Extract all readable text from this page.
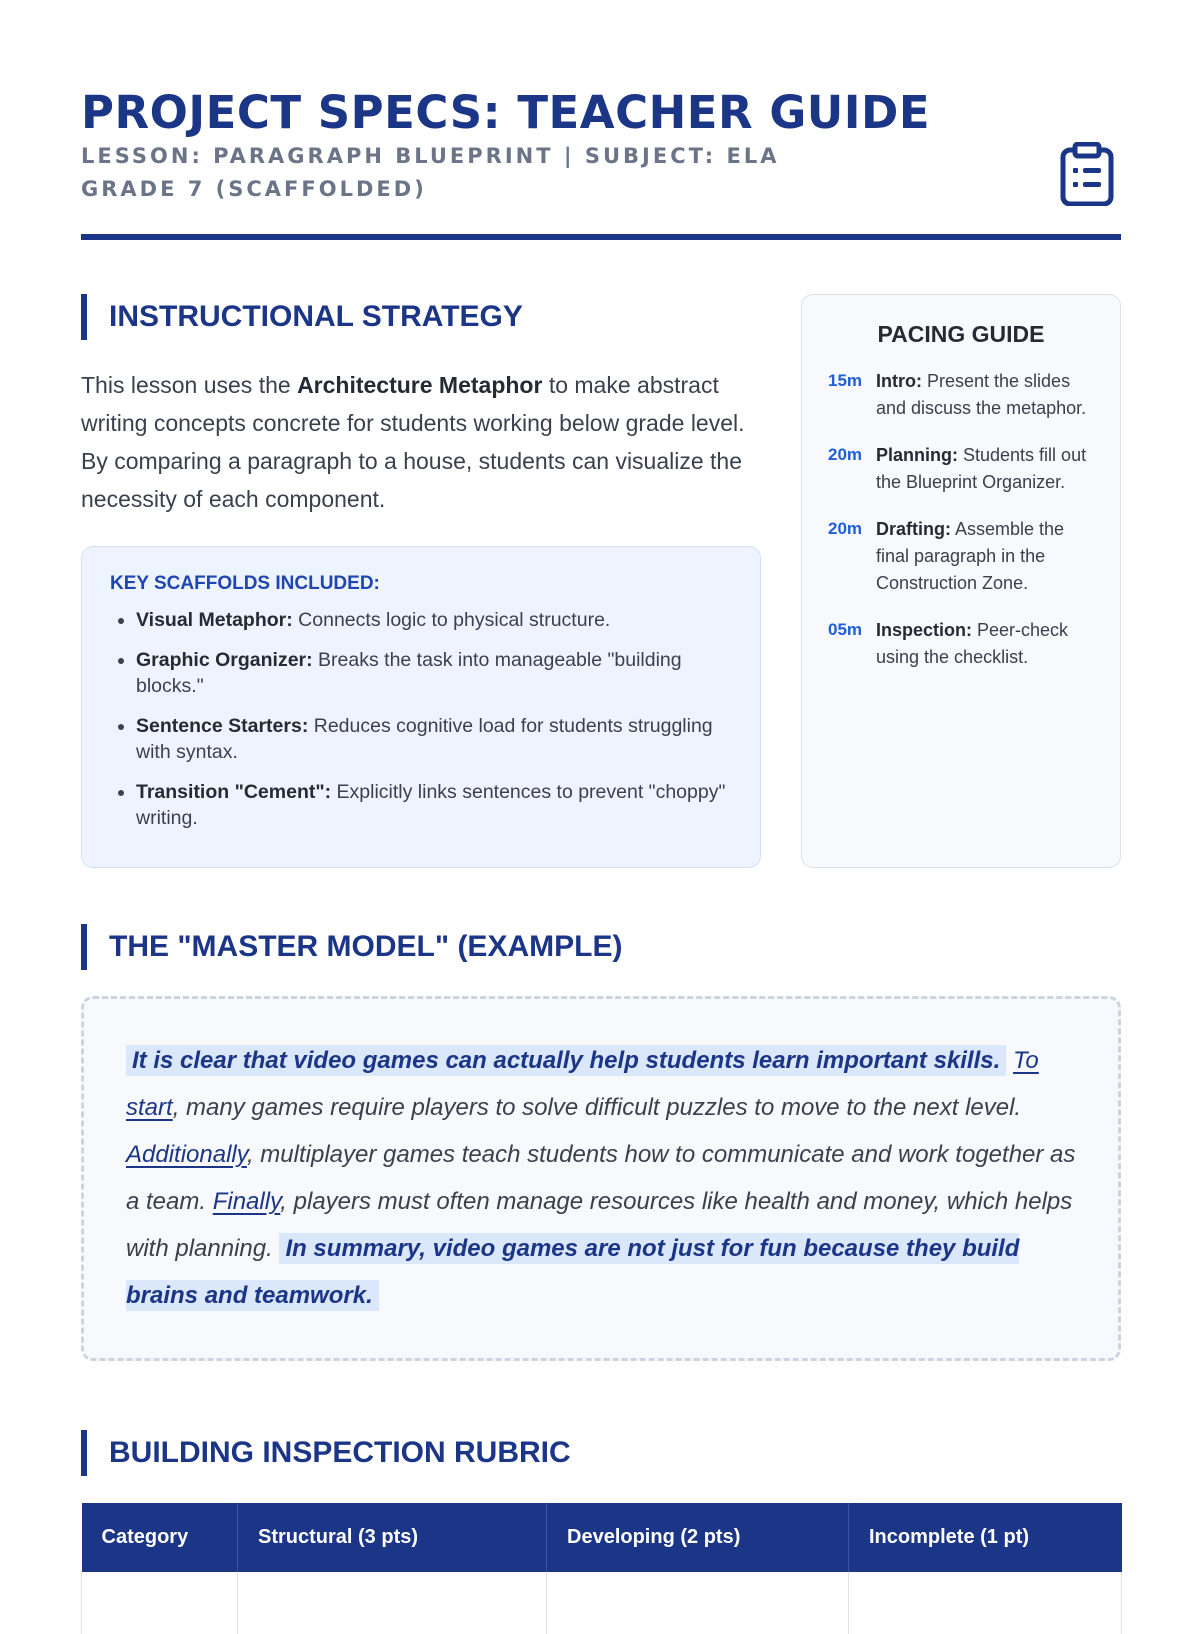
PROJECT SPECS: TEACHER GUIDE
LESSON: PARAGRAPH BLUEPRINT | SUBJECT: ELA GRADE 7 (SCAFFOLDED)
INSTRUCTIONAL STRATEGY

This lesson uses the Architecture Metaphor to make abstract writing concepts concrete for students working below grade level. By comparing a paragraph to a house, students can visualize the necessity of each component.

KEY SCAFFOLDS INCLUDED:
• Visual Metaphor: Connects logic to physical structure.
• Graphic Organizer: Breaks the task into manageable "building blocks."
• Sentence Starters: Reduces cognitive load for students struggling with syntax.
• Transition "Cement": Explicitly links sentences to prevent "choppy" writing.
PACING GUIDE
15m Intro: Present the slides and discuss the metaphor.
20m Planning: Students fill out the Blueprint Organizer.
20m Drafting: Assemble the final paragraph in the Construction Zone.
05m Inspection: Peer-check using the checklist.
THE "MASTER MODEL" (EXAMPLE)
It is clear that video games can actually help students learn important skills. To start, many games require players to solve difficult puzzles to move to the next level. Additionally, multiplayer games teach students how to communicate and work together as a team. Finally, players must often manage resources like health and money, which helps with planning. In summary, video games are not just for fun because they build brains and teamwork.
BUILDING INSPECTION RUBRIC
Category	Structural (3 pts)	Developing (2 pts)	Incomplete (1 pt)
